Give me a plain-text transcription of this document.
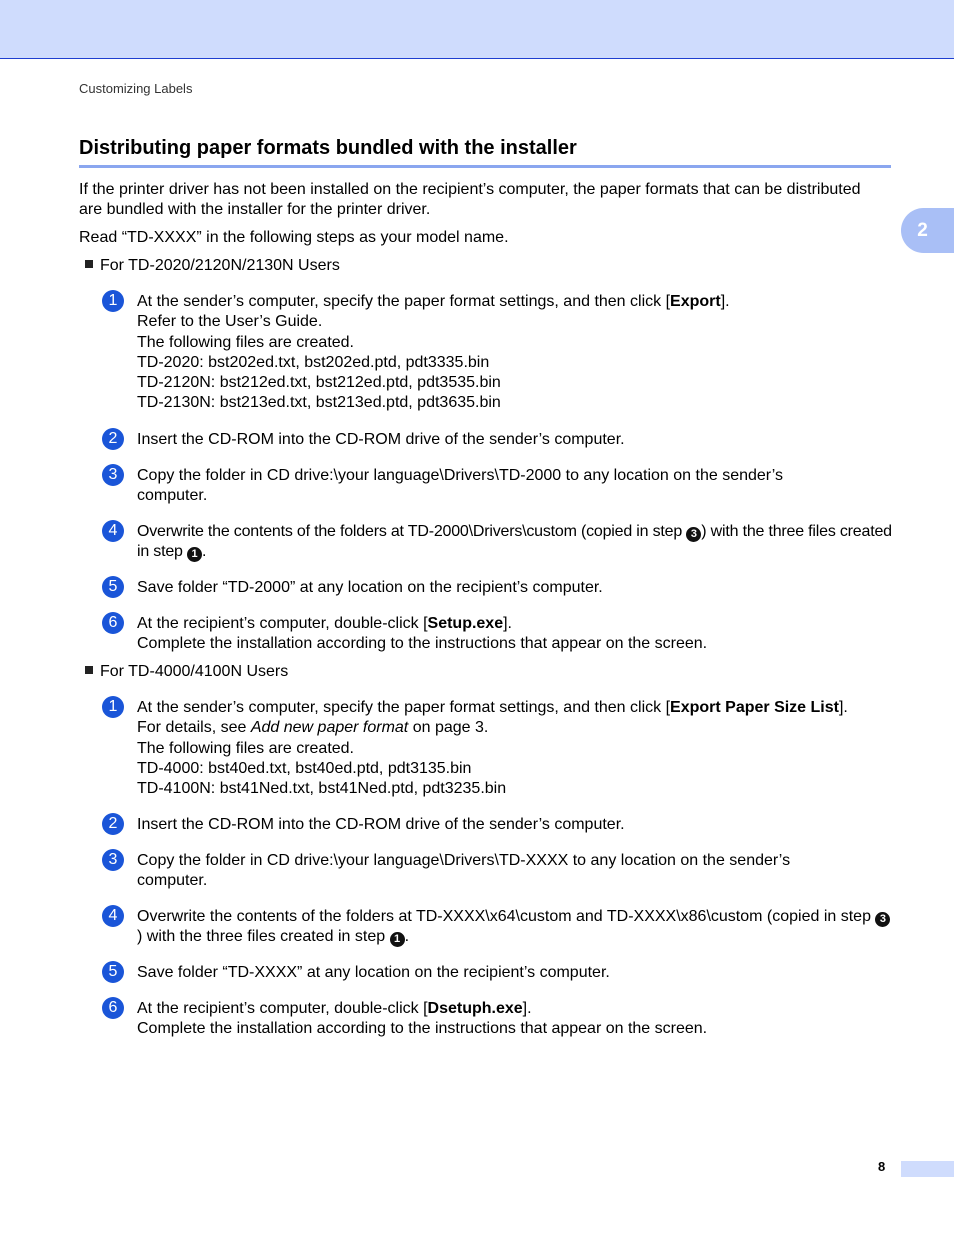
Customizing Labels
Distributing paper formats bundled with the installer
2
If the printer driver has not been installed on the recipient’s computer, the paper formats that can be distributed are bundled with the installer for the printer driver.
Read “TD-XXXX” in the following steps as your model name.
For TD-2020/2120N/2130N Users
1	At the sender’s computer, specify the paper format settings, and then click [Export].
Refer to the User’s Guide.
The following files are created.
TD-2020: bst202ed.txt, bst202ed.ptd, pdt3335.bin
TD-2120N: bst212ed.txt, bst212ed.ptd, pdt3535.bin
TD-2130N: bst213ed.txt, bst213ed.ptd, pdt3635.bin
2	Insert the CD-ROM into the CD-ROM drive of the sender’s computer.
3	Copy the folder in CD drive:\your language\Drivers\TD-2000 to any location on the sender’s computer.
4	Overwrite the contents of the folders at TD-2000\Drivers\custom (copied in step 3 ) with the three files created in step 1 .
5	Save folder “TD-2000” at any location on the recipient’s computer.
6	At the recipient’s computer, double-click [Setup.exe].
Complete the installation according to the instructions that appear on the screen.
For TD-4000/4100N Users
1	At the sender’s computer, specify the paper format settings, and then click [Export Paper Size List].
For details, see Add new paper format on page 3.
The following files are created.
TD-4000: bst40ed.txt, bst40ed.ptd, pdt3135.bin
TD-4100N: bst41Ned.txt, bst41Ned.ptd, pdt3235.bin
2	Insert the CD-ROM into the CD-ROM drive of the sender’s computer.
3	Copy the folder in CD drive:\your language\Drivers\TD-XXXX to any location on the sender’s computer.
4	Overwrite the contents of the folders at TD-XXXX\x64\custom and TD-XXXX\x86\custom (copied in step 3) with the three files created in step 1 .
5	Save folder “TD-XXXX” at any location on the recipient’s computer.
6	At the recipient’s computer, double-click [Dsetuph.exe].
Complete the installation according to the instructions that appear on the screen.
8
